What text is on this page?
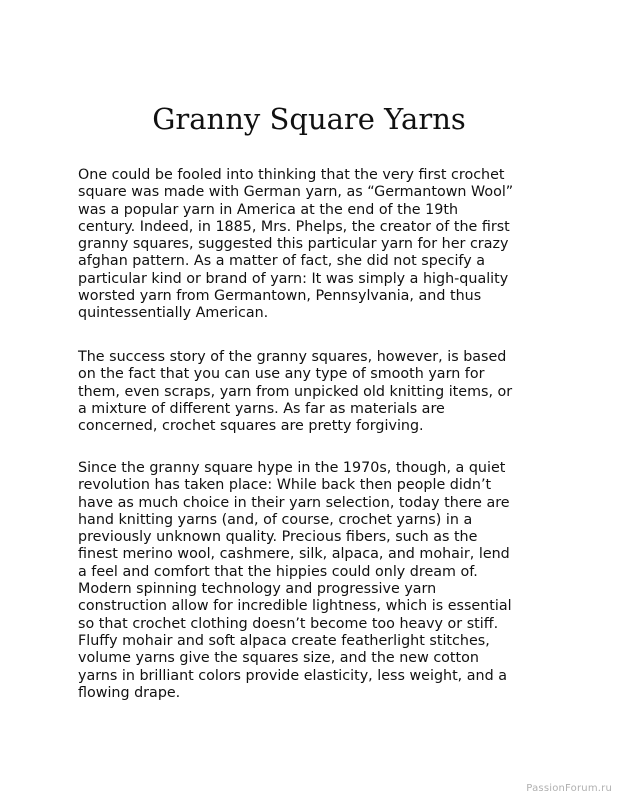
Granny Square Yarns
One could be fooled into thinking that the very first crochet
square was made with German yarn, as “Germantown Wool”
was a popular yarn in America at the end of the 19th
century. Indeed, in 1885, Mrs. Phelps, the creator of the first
granny squares, suggested this particular yarn for her crazy
afghan pattern. As a matter of fact, she did not specify a
particular kind or brand of yarn: It was simply a high-quality
worsted yarn from Germantown, Pennsylvania, and thus
quintessentially American.
The success story of the granny squares, however, is based
on the fact that you can use any type of smooth yarn for
them, even scraps, yarn from unpicked old knitting items, or
a mixture of different yarns. As far as materials are
concerned, crochet squares are pretty forgiving.
Since the granny square hype in the 1970s, though, a quiet
revolution has taken place: While back then people didn’t
have as much choice in their yarn selection, today there are
hand knitting yarns (and, of course, crochet yarns) in a
previously unknown quality. Precious fibers, such as the
finest merino wool, cashmere, silk, alpaca, and mohair, lend
a feel and comfort that the hippies could only dream of.
Modern spinning technology and progressive yarn
construction allow for incredible lightness, which is essential
so that crochet clothing doesn’t become too heavy or stiff.
Fluffy mohair and soft alpaca create featherlight stitches,
volume yarns give the squares size, and the new cotton
yarns in brilliant colors provide elasticity, less weight, and a
flowing drape.
PassionForum.ru
